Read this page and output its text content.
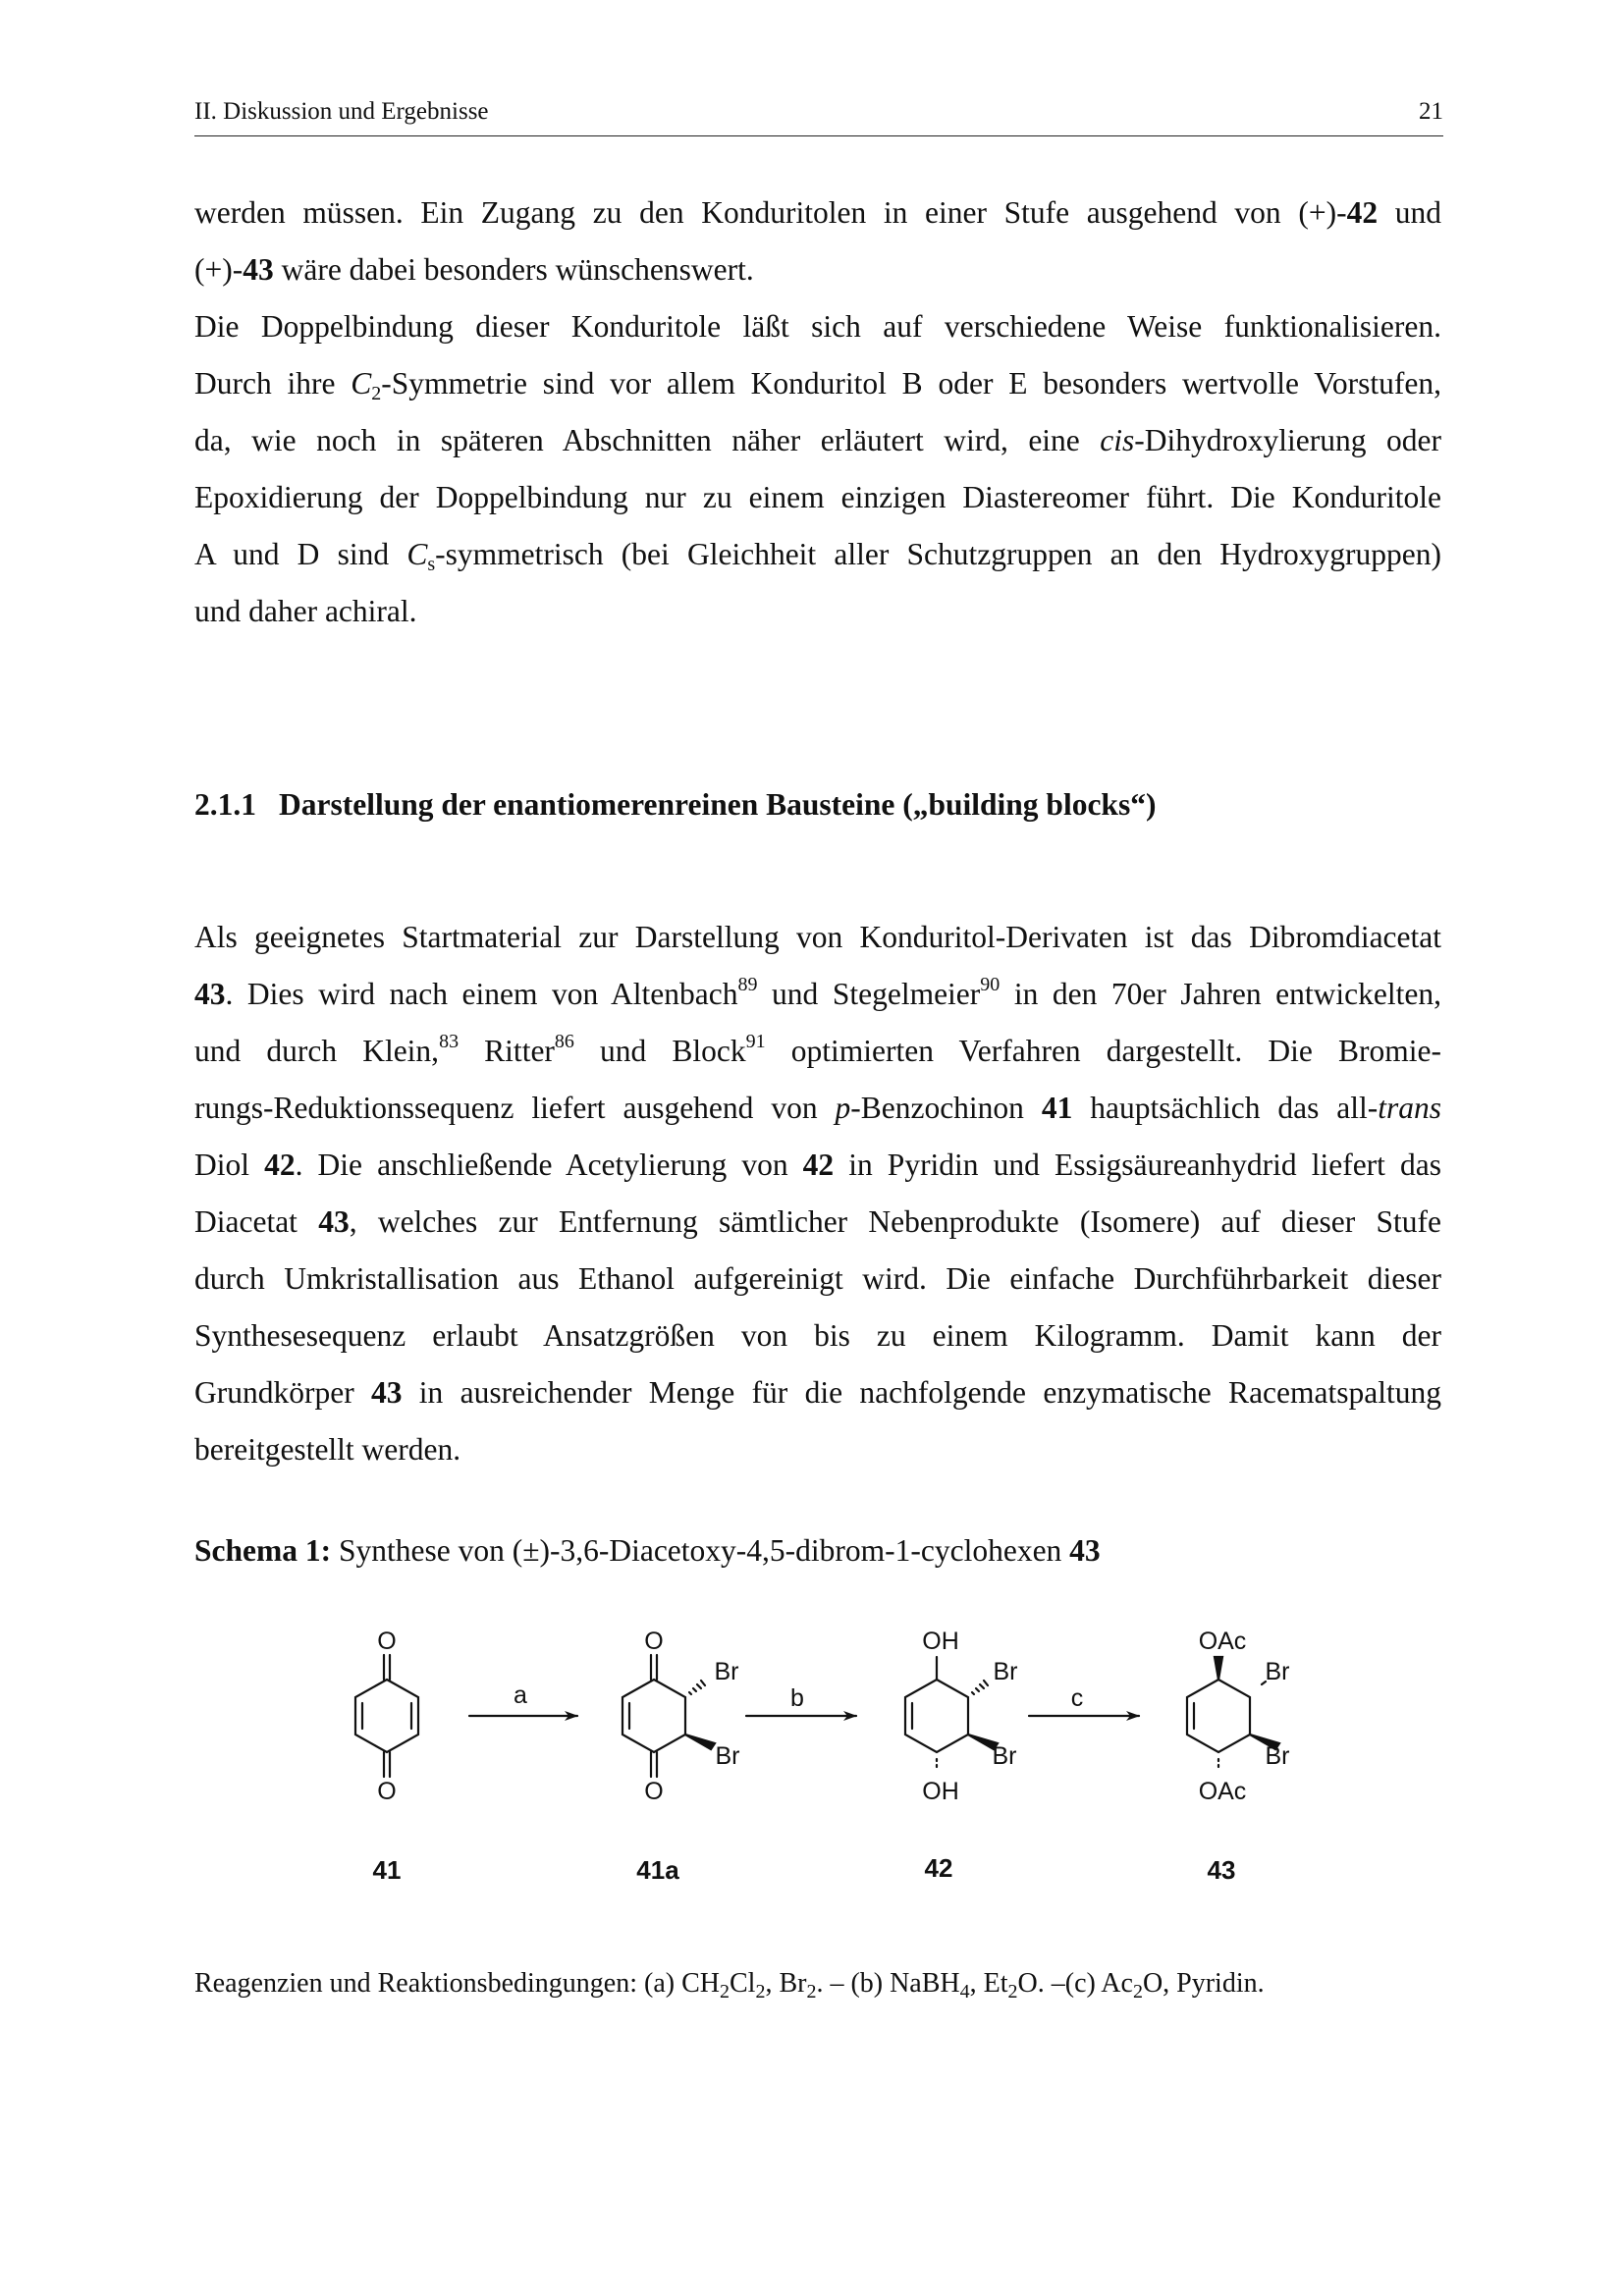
II. Diskussion und Ergebnisse	21
werden müssen. Ein Zugang zu den Konduritolen in einer Stufe ausgehend von (+)-42 und
(+)-43 wäre dabei besonders wünschenswert.
Die Doppelbindung dieser Konduritole läßt sich auf verschiedene Weise funktionalisieren.
Durch ihre $C_2$-Symmetrie sind vor allem Konduritol B oder E besonders wertvolle Vorstufen,
da, wie noch in späteren Abschnitten näher erläutert wird, eine cis-Dihydroxylierung oder
Epoxidierung der Doppelbindung nur zu einem einzigen Diastereomer führt. Die Konduritole
A und D sind $C_s$-symmetrisch (bei Gleichheit aller Schutzgruppen an den Hydroxygruppen)
und daher achiral.
2.1.1 Darstellung der enantiomerenreinen Bausteine („building blocks“)
Als geeignetes Startmaterial zur Darstellung von Konduritol-Derivaten ist das Dibromdiacetat
43. Dies wird nach einem von Altenbach$^{89}$ und Stegelmeier$^{90}$ in den 70er Jahren entwickelten,
und durch Klein,$^{83}$ Ritter$^{86}$ und Block$^{91}$ optimierten Verfahren dargestellt. Die Bromie-
rungs-Reduktionssequenz liefert ausgehend von p-Benzochinon 41 hauptsächlich das all-trans
Diol 42. Die anschließende Acetylierung von 42 in Pyridin und Essigsäureanhydrid liefert das
Diacetat 43, welches zur Entfernung sämtlicher Nebenprodukte (Isomere) auf dieser Stufe
durch Umkristallisation aus Ethanol aufgereinigt wird. Die einfache Durchführbarkeit dieser
Synthesesequenz erlaubt Ansatzgrößen von bis zu einem Kilogramm. Damit kann der
Grundkörper 43 in ausreichender Menge für die nachfolgende enzymatische Racematspaltung
bereitgestellt werden.
Schema 1: Synthese von (±)-3,6-Diacetoxy-4,5-dibrom-1-cyclohexen 43
O
O
O
O
Br
Br
OH
OH
Br
Br
OAc
OAc
Br
Br
a	b	c
41	41a	42	43
Reagenzien und Reaktionsbedingungen: (a) $CH_2Cl_2$, $Br_2$. – (b) NaBH$_4$, $Et_2O$. –(c) $Ac_2O$, Pyridin.
